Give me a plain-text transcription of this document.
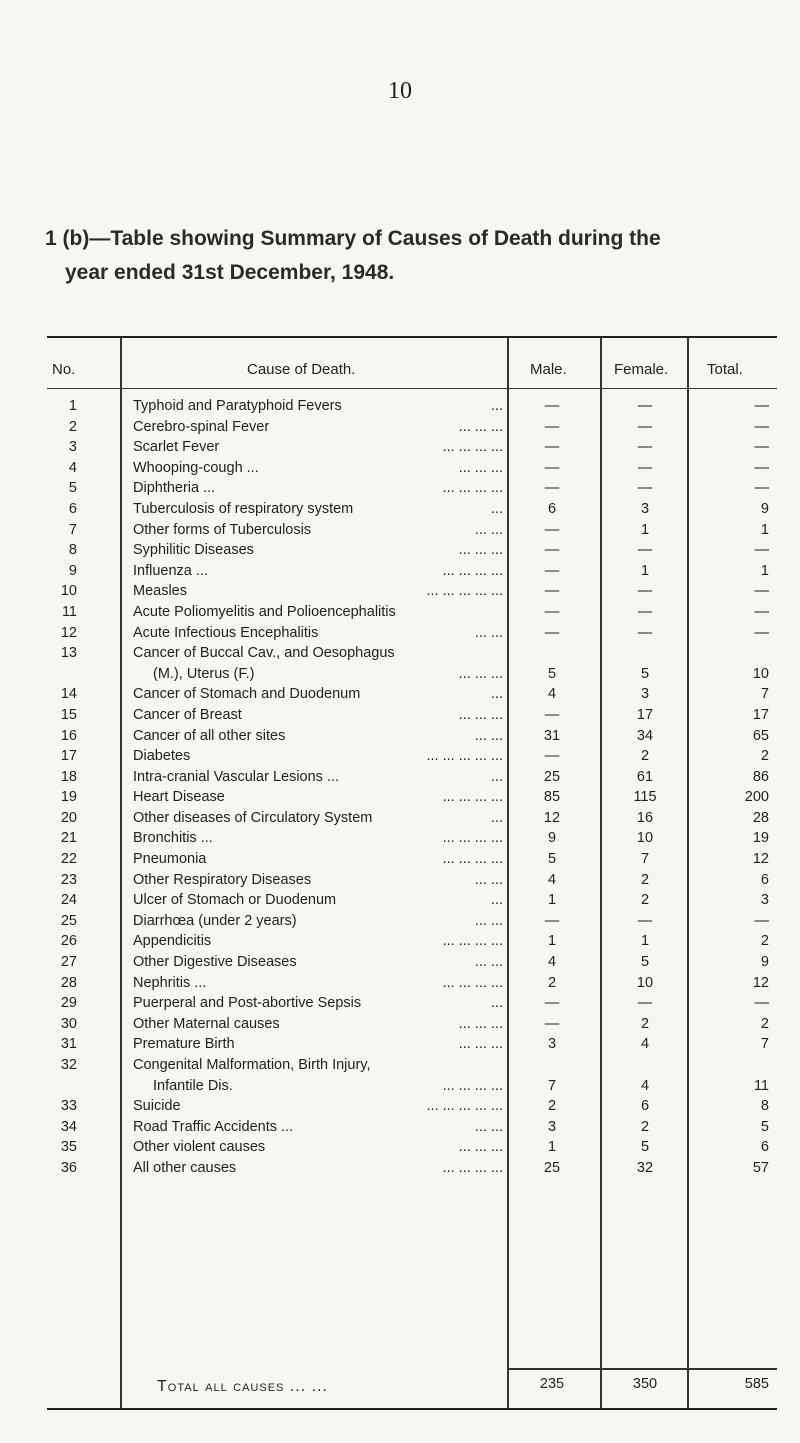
10
1 (b)—Table showing Summary of Causes of Death during the
year ended 31st December, 1948.
No.	Cause of Death.	Male.	Female.	Total.
1	Typhoid and Paratyphoid Fevers	...	—	—	—
2	Cerebro-spinal Fever	... ... ...	—	—	—
3	Scarlet Fever	... ... ... ...	—	—	—
4	Whooping-cough ...	... ... ...	—	—	—
5	Diphtheria ...	... ... ... ...	—	—	—
6	Tuberculosis of respiratory system	...	6	3	9
7	Other forms of Tuberculosis	... ...	—	1	1
8	Syphilitic Diseases	... ... ...	—	—	—
9	Influenza ...	... ... ... ...	—	1	1
10	Measles	... ... ... ... ...	—	—	—
11	Acute Poliomyelitis and Polioencephalitis	—	—	—
12	Acute Infectious Encephalitis	... ...	—	—	—
13	Cancer of Buccal Cav., and Oesophagus
(M.), Uterus (F.)	... ... ...	5	5	10
14	Cancer of Stomach and Duodenum	...	4	3	7
15	Cancer of Breast	... ... ...	—	17	17
16	Cancer of all other sites	... ...	31	34	65
17	Diabetes	... ... ... ... ...	—	2	2
18	Intra-cranial Vascular Lesions ...	...	25	61	86
19	Heart Disease	... ... ... ...	85	115	200
20	Other diseases of Circulatory System	...	12	16	28
21	Bronchitis ...	... ... ... ...	9	10	19
22	Pneumonia	... ... ... ...	5	7	12
23	Other Respiratory Diseases	... ...	4	2	6
24	Ulcer of Stomach or Duodenum	...	1	2	3
25	Diarrhœa (under 2 years)	... ...	—	—	—
26	Appendicitis	... ... ... ...	1	1	2
27	Other Digestive Diseases	... ...	4	5	9
28	Nephritis ...	... ... ... ...	2	10	12
29	Puerperal and Post-abortive Sepsis	...	—	—	—
30	Other Maternal causes	... ... ...	—	2	2
31	Premature Birth	... ... ...	3	4	7
32	Congenital Malformation, Birth Injury,
Infantile Dis.	... ... ... ...	7	4	11
33	Suicide	... ... ... ... ...	2	6	8
34	Road Traffic Accidents ...	... ...	3	2	5
35	Other violent causes	... ... ...	1	5	6
36	All other causes	... ... ... ...	25	32	57
Total all causes ... ...	235	350	585
